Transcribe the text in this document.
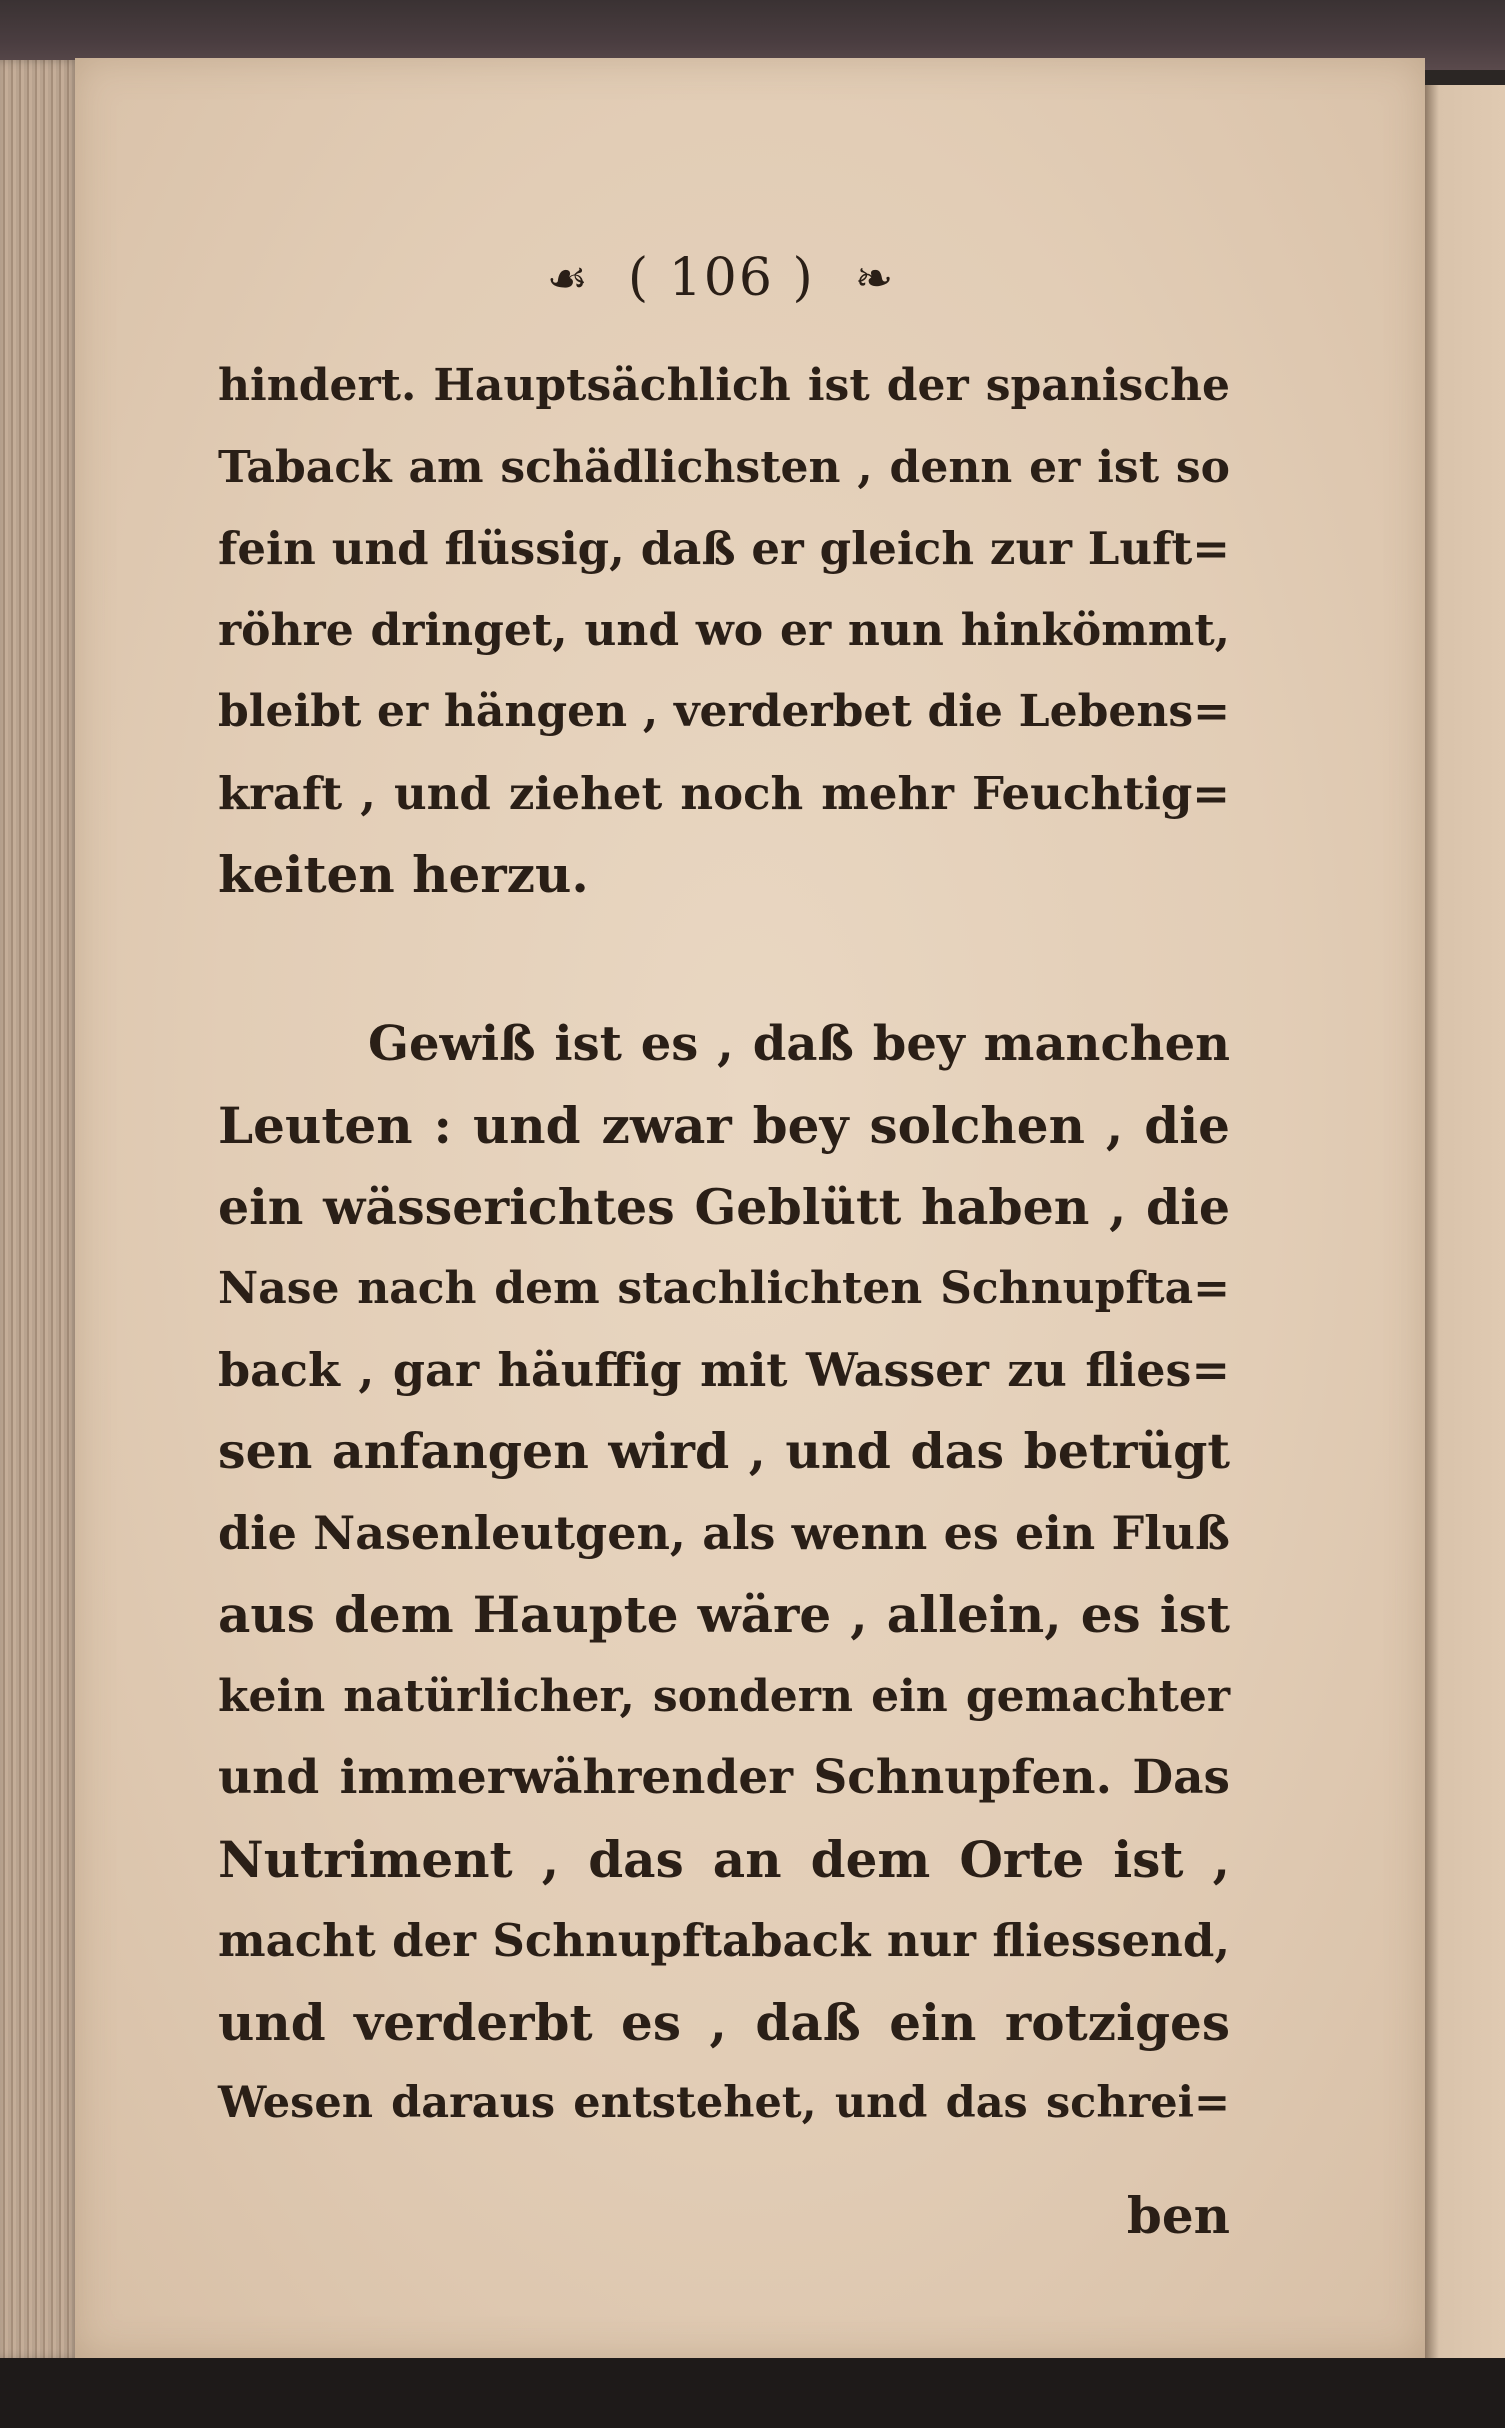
☙ ( 106 ) ❧
hindert. Hauptsächlich ist der spanische
Taback am schädlichsten , denn er ist so
fein und flüssig, daß er gleich zur Luft=
röhre dringet, und wo er nun hinkömmt,
bleibt er hängen , verderbet die Lebens=
kraft , und ziehet noch mehr Feuchtig=
keiten herzu.
Gewiß ist es , daß bey manchen
Leuten : und zwar bey solchen , die
ein wässerichtes Geblütt haben , die
Nase nach dem stachlichten Schnupfta=
back , gar häuffig mit Wasser zu flies=
sen anfangen wird , und das betrügt
die Nasenleutgen, als wenn es ein Fluß
aus dem Haupte wäre , allein, es ist
kein natürlicher, sondern ein gemachter
und immerwährender Schnupfen. Das
Nutriment , das an dem Orte ist ,
macht der Schnupftaback nur fliessend,
und verderbt es , daß ein rotziges
Wesen daraus entstehet, und das schrei=
ben
